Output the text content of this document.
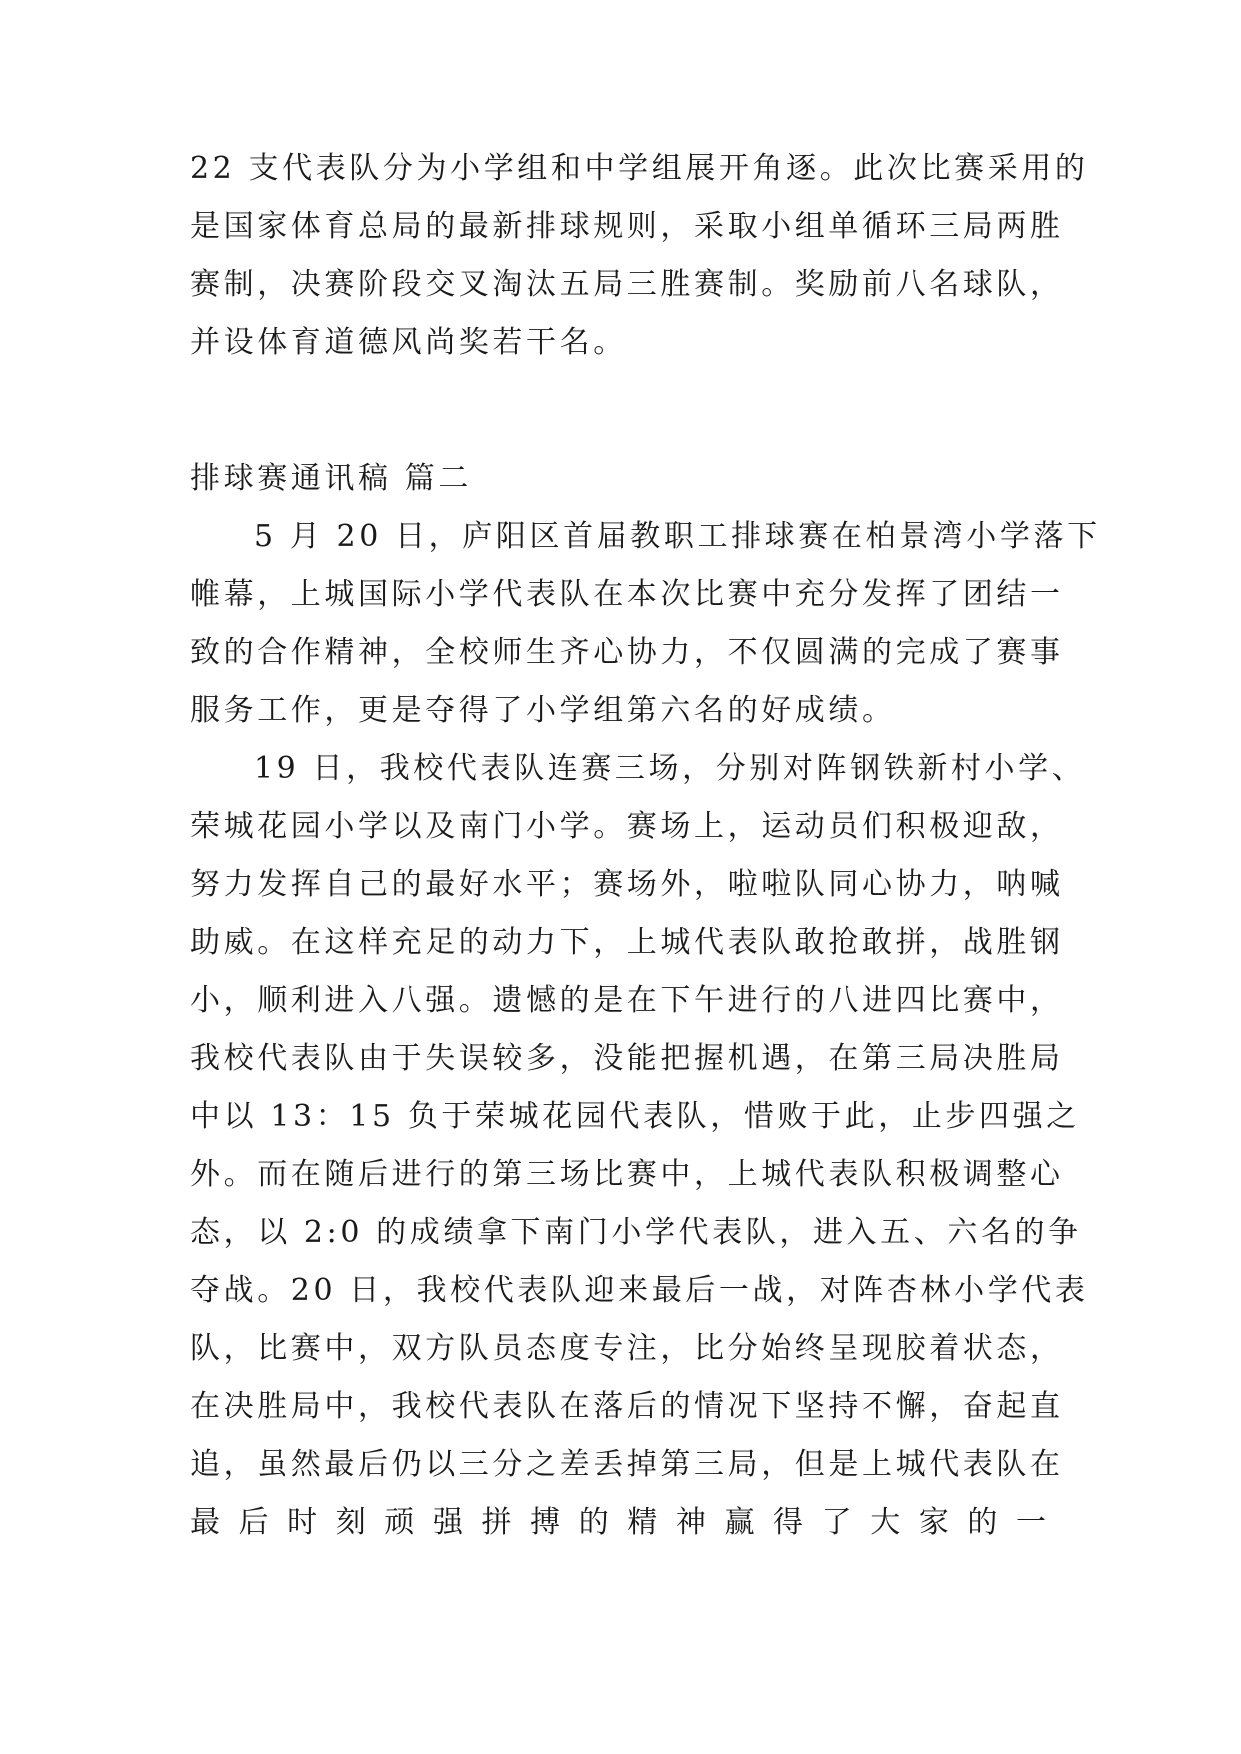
22 支代表队分为小学组和中学组展开角逐。此次比赛采用的
是国家体育总局的最新排球规则，采取小组单循环三局两胜
赛制，决赛阶段交叉淘汰五局三胜赛制。奖励前八名球队，
并设体育道德风尚奖若干名。
排球赛通讯稿 篇二
5 月 20 日，庐阳区首届教职工排球赛在柏景湾小学落下
帷幕，上城国际小学代表队在本次比赛中充分发挥了团结一
致的合作精神，全校师生齐心协力，不仅圆满的完成了赛事
服务工作，更是夺得了小学组第六名的好成绩。
19 日，我校代表队连赛三场，分别对阵钢铁新村小学、
荣城花园小学以及南门小学。赛场上，运动员们积极迎敌，
努力发挥自己的最好水平；赛场外，啦啦队同心协力，呐喊
助威。在这样充足的动力下，上城代表队敢抢敢拼，战胜钢
小，顺利进入八强。遗憾的是在下午进行的八进四比赛中，
我校代表队由于失误较多，没能把握机遇，在第三局决胜局
中以 13：15 负于荣城花园代表队，惜败于此，止步四强之
外。而在随后进行的第三场比赛中，上城代表队积极调整心
态，以 2:0 的成绩拿下南门小学代表队，进入五、六名的争
夺战。20 日，我校代表队迎来最后一战，对阵杏林小学代表
队，比赛中，双方队员态度专注，比分始终呈现胶着状态，
在决胜局中，我校代表队在落后的情况下坚持不懈，奋起直
追，虽然最后仍以三分之差丢掉第三局，但是上城代表队在
最后时刻顽强拼搏的精神赢得了大家的一
